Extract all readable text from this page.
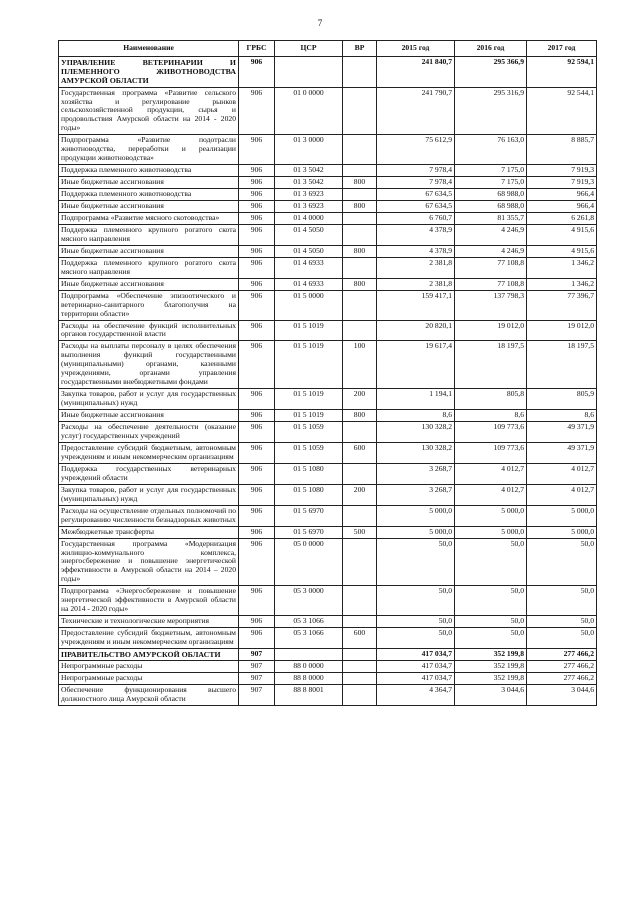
7
Наименование	ГРБС	ЦСР	ВР	2015 год	2016 год	2017 год
УПРАВЛЕНИЕ ВЕТЕРИНАРИИ И ПЛЕМЕННОГО ЖИВОТНОВОДСТВА АМУРСКОЙ ОБЛАСТИ	906			241 840,7	295 366,9	92 594,1
Государственная программа «Развитие сельского хозяйства и регулирование рынков сельскохозяйственной продукции, сырья и продовольствия Амурской области на 2014 - 2020 годы»	906	01 0 0000		241 790,7	295 316,9	92 544,1
Подпрограмма «Развитие подотрасли животноводства, переработки и реализации продукции животноводства»	906	01 3 0000		75 612,9	76 163,0	8 885,7
Поддержка племенного животноводства	906	01 3 5042		7 978,4	7 175,0	7 919,3
Иные бюджетные ассигнования	906	01 3 5042	800	7 978,4	7 175,0	7 919,3
Поддержка племенного животноводства	906	01 3 6923		67 634,5	68 988,0	966,4
Иные бюджетные ассигнования	906	01 3 6923	800	67 634,5	68 988,0	966,4
Подпрограмма «Развитие мясного скотоводства»	906	01 4 0000		6 760,7	81 355,7	6 261,8
Поддержка племенного крупного рогатого скота мясного направления	906	01 4 5050		4 378,9	4 246,9	4 915,6
Иные бюджетные ассигнования	906	01 4 5050	800	4 378,9	4 246,9	4 915,6
Поддержка племенного крупного рогатого скота мясного направления	906	01 4 6933		2 381,8	77 108,8	1 346,2
Иные бюджетные ассигнования	906	01 4 6933	800	2 381,8	77 108,8	1 346,2
Подпрограмма «Обеспечение эпизоотического и ветеринарно-санитарного благополучия на территории области»	906	01 5 0000		159 417,1	137 798,3	77 396,7
Расходы на обеспечение функций исполнительных органов государственной власти	906	01 5 1019		20 820,1	19 012,0	19 012,0
Расходы на выплаты персоналу в целях обеспечения выполнения функций государственными (муниципальными) органами, казенными учреждениями, органами управления государственными внебюджетными фондами	906	01 5 1019	100	19 617,4	18 197,5	18 197,5
Закупка товаров, работ и услуг для государственных (муниципальных) нужд	906	01 5 1019	200	1 194,1	805,8	805,9
Иные бюджетные ассигнования	906	01 5 1019	800	8,6	8,6	8,6
Расходы на обеспечение деятельности (оказание услуг) государственных учреждений	906	01 5 1059		130 328,2	109 773,6	49 371,9
Предоставление субсидий бюджетным, автономным учреждениям и иным некоммерческим организациям	906	01 5 1059	600	130 328,2	109 773,6	49 371,9
Поддержка государственных ветеринарных учреждений области	906	01 5 1080		3 268,7	4 012,7	4 012,7
Закупка товаров, работ и услуг для государственных (муниципальных) нужд	906	01 5 1080	200	3 268,7	4 012,7	4 012,7
Расходы на осуществление отдельных полномочий по регулированию численности безнадзорных животных	906	01 5 6970		5 000,0	5 000,0	5 000,0
Межбюджетные трансферты	906	01 5 6970	500	5 000,0	5 000,0	5 000,0
Государственная программа «Модернизация жилищно-коммунального комплекса, энергосбережение и повышение энергетической эффективности в Амурской области на 2014 – 2020 годы»	906	05 0 0000		50,0	50,0	50,0
Подпрограмма «Энергосбережение и повышение энергетической эффективности в Амурской области на 2014 - 2020 годы»	906	05 3 0000		50,0	50,0	50,0
Технические и технологические мероприятия	906	05 3 1066		50,0	50,0	50,0
Предоставление субсидий бюджетным, автономным учреждениям и иным некоммерческим организациям	906	05 3 1066	600	50,0	50,0	50,0
ПРАВИТЕЛЬСТВО АМУРСКОЙ ОБЛАСТИ	907			417 034,7	352 199,8	277 466,2
Непрограммные расходы	907	88 0 0000		417 034,7	352 199,8	277 466,2
Непрограммные расходы	907	88 8 0000		417 034,7	352 199,8	277 466,2
Обеспечение функционирования высшего должностного лица Амурской области	907	88 8 8001		4 364,7	3 044,6	3 044,6
